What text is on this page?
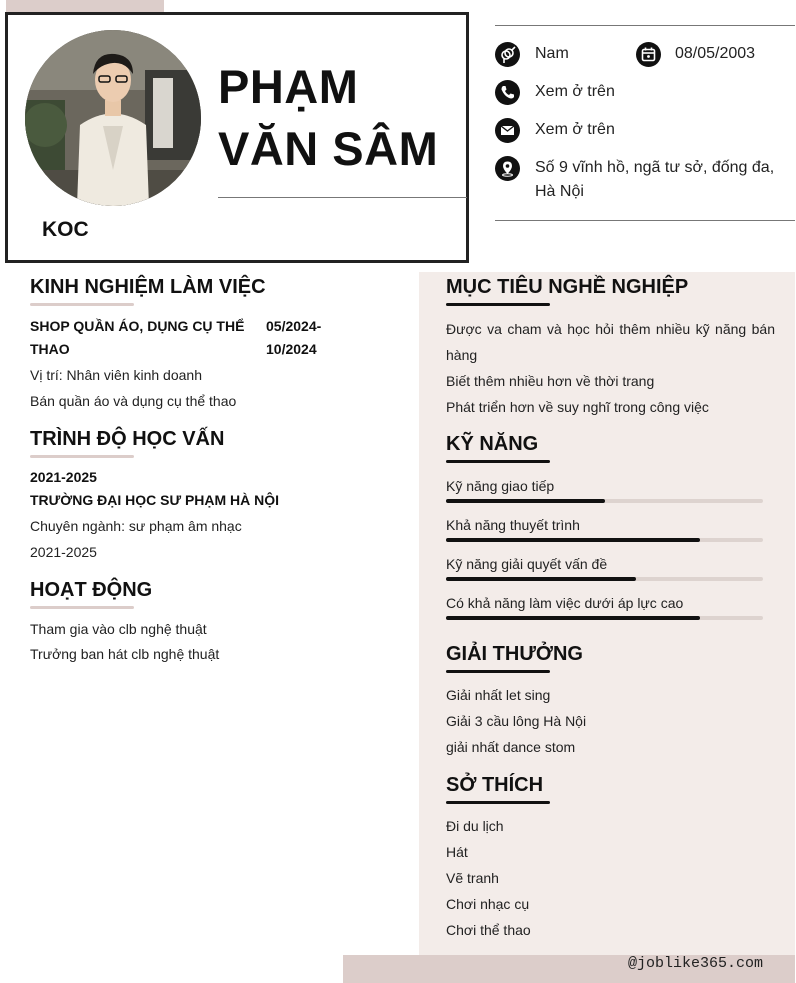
PHẠM
VĂN SÂM
KOC
Nam	08/05/2003
Xem ở trên
Xem ở trên
Số 9 vĩnh hồ, ngã tư sở, đống đa,
Hà Nội
KINH NGHIỆM LÀM VIỆC
SHOP QUẦN ÁO, DỤNG CỤ THỂ
THAO
05/2024-
10/2024
Vị trí: Nhân viên kinh doanh
Bán quần áo và dụng cụ thể thao
TRÌNH ĐỘ HỌC VẤN
2021-2025
TRƯỜNG ĐẠI HỌC SƯ PHẠM HÀ NỘI
Chuyên ngành: sư phạm âm nhạc
2021-2025
HOẠT ĐỘNG
Tham gia vào clb nghệ thuật
Trưởng ban hát clb nghệ thuật
MỤC TIÊU NGHỀ NGHIỆP
Được va cham và học hỏi thêm nhiều kỹ năng bán
hàng
Biết thêm nhiều hơn về thời trang
Phát triển hơn về suy nghĩ trong công việc
KỸ NĂNG
Kỹ năng giao tiếp
Khả năng thuyết trình
Kỹ năng giải quyết vấn đề
Có khả năng làm việc dưới áp lực cao
GIẢI THƯỞNG
Giải nhất let sing
Giải 3 cầu lông Hà Nội
giải nhất dance stom
SỞ THÍCH
Đi du lịch
Hát
Vẽ tranh
Chơi nhạc cụ
Chơi thể thao
@joblike365.com
